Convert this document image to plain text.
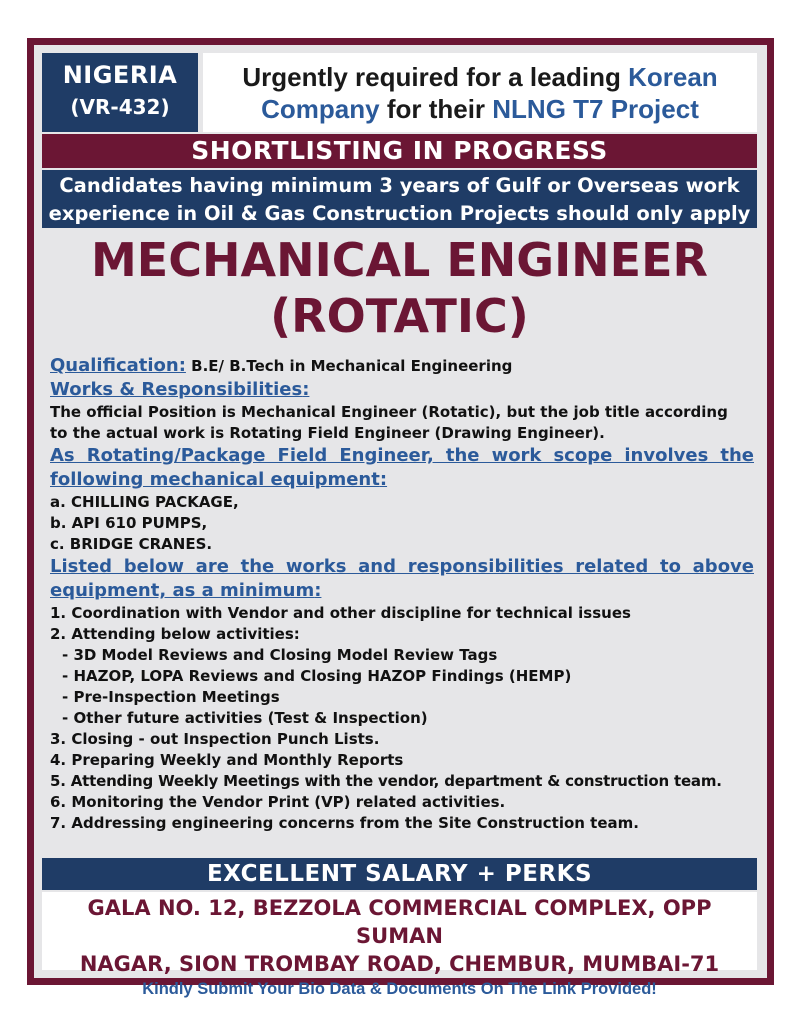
NIGERIA
(VR-432)
Urgently required for a leading Korean
Company for their NLNG T7 Project
SHORTLISTING IN PROGRESS
Candidates having minimum 3 years of Gulf or Overseas work
experience in Oil & Gas Construction Projects should only apply
MECHANICAL ENGINEER
(ROTATIC)
Qualification: B.E/ B.Tech in Mechanical Engineering
Works & Responsibilities:
The official Position is Mechanical Engineer (Rotatic), but the job title according
to the actual work is Rotating Field Engineer (Drawing Engineer).
As Rotating/Package Field Engineer, the work scope involves the
following mechanical equipment:
a. CHILLING PACKAGE,
b. API 610 PUMPS,
c. BRIDGE CRANES.
Listed below are the works and responsibilities related to above
equipment, as a minimum:
1. Coordination with Vendor and other discipline for technical issues
2. Attending below activities:
- 3D Model Reviews and Closing Model Review Tags
- HAZOP, LOPA Reviews and Closing HAZOP Findings (HEMP)
- Pre-Inspection Meetings
- Other future activities (Test & Inspection)
3. Closing - out Inspection Punch Lists.
4. Preparing Weekly and Monthly Reports
5. Attending Weekly Meetings with the vendor, department & construction team.
6. Monitoring the Vendor Print (VP) related activities.
7. Addressing engineering concerns from the Site Construction team.
EXCELLENT SALARY + PERKS
GALA NO. 12, BEZZOLA COMMERCIAL COMPLEX, OPP SUMAN
NAGAR, SION TROMBAY ROAD, CHEMBUR, MUMBAI-71
Kindly Submit Your Bio Data & Documents On The Link Provided!
